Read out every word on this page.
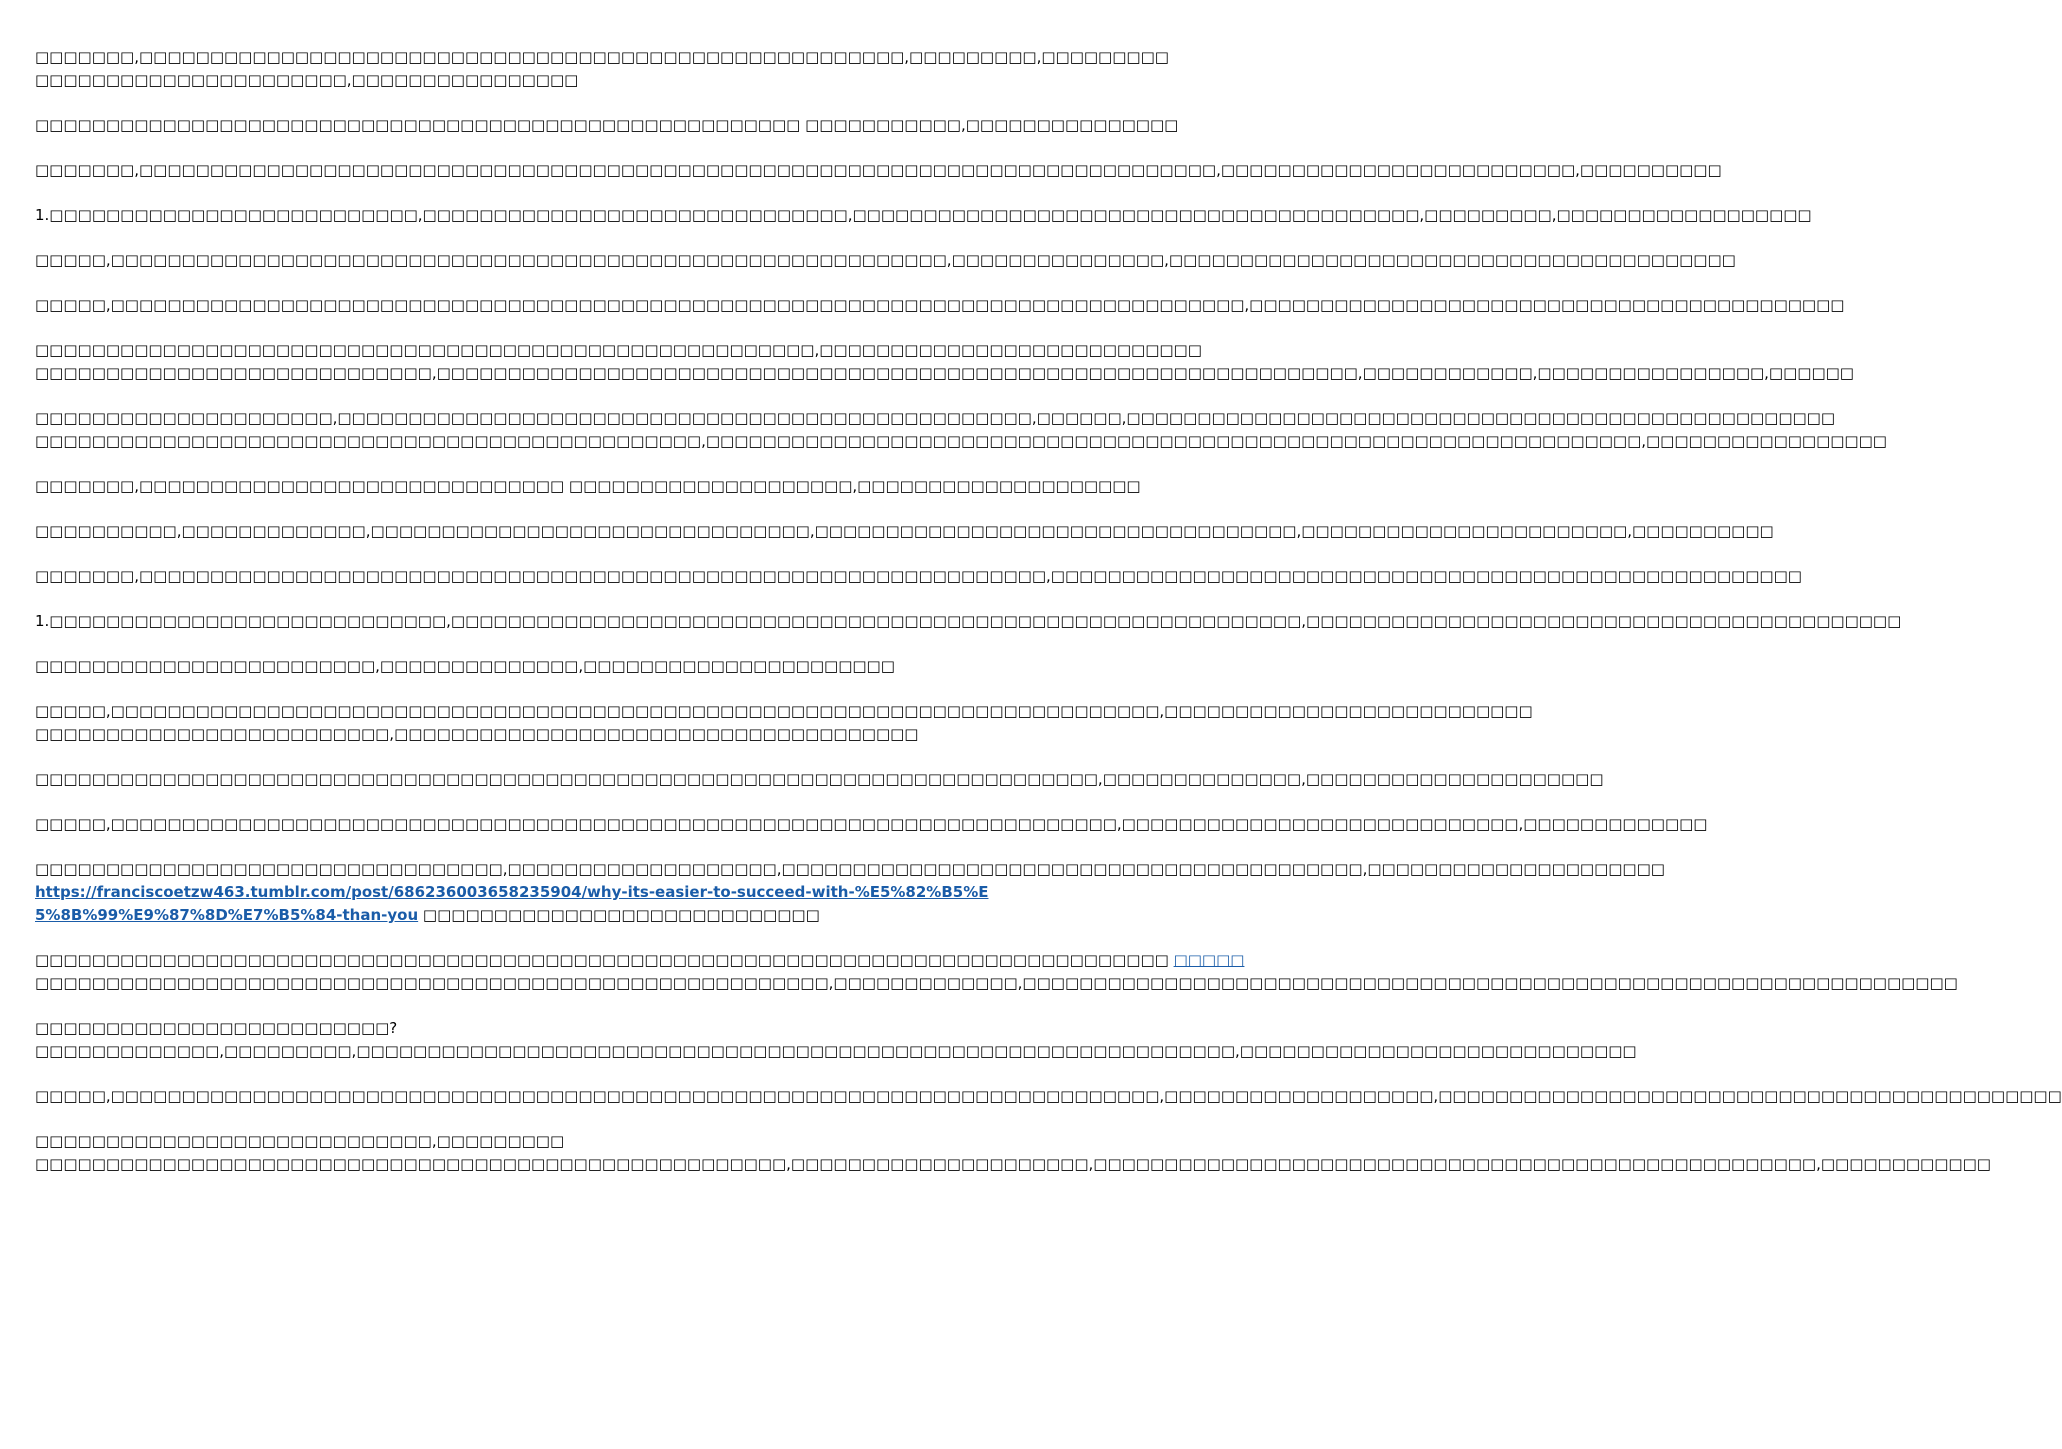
□□□□□□□,□□□□□□□□□□□□□□□□□□□□□□□□□□□□□□□□□□□□□□□□□□□□□□□□□□□□□□,□□□□□□□□□,□□□□□□□□□
□□□□□□□□□□□□□□□□□□□□□□,□□□□□□□□□□□□□□□□

□□□□□□□□□□□□□□□□□□□□□□□□□□□□□□□□□□□□□□□□□□□□□□□□□□□□□□ □□□□□□□□□□□,□□□□□□□□□□□□□□□

□□□□□□□,□□□□□□□□□□□□□□□□□□□□□□□□□□□□□□□□□□□□□□□□□□□□□□□□□□□□□□□□□□□□□□□□□□□□□□□□□□□□,□□□□□□□□□□□□□□□□□□□□□□□□□,□□□□□□□□□□

1.□□□□□□□□□□□□□□□□□□□□□□□□□□,□□□□□□□□□□□□□□□□□□□□□□□□□□□□□□,□□□□□□□□□□□□□□□□□□□□□□□□□□□□□□□□□□□□□□□□,□□□□□□□□□,□□□□□□□□□□□□□□□□□□

□□□□□,□□□□□□□□□□□□□□□□□□□□□□□□□□□□□□□□□□□□□□□□□□□□□□□□□□□□□□□□□□□,□□□□□□□□□□□□□□□,□□□□□□□□□□□□□□□□□□□□□□□□□□□□□□□□□□□□□□□□

□□□□□,□□□□□□□□□□□□□□□□□□□□□□□□□□□□□□□□□□□□□□□□□□□□□□□□□□□□□□□□□□□□□□□□□□□□□□□□□□□□□□□□,□□□□□□□□□□□□□□□□□□□□□□□□□□□□□□□□□□□□□□□□□□

□□□□□□□□□□□□□□□□□□□□□□□□□□□□□□□□□□□□□□□□□□□□□□□□□□□□□□□,□□□□□□□□□□□□□□□□□□□□□□□□□□□
□□□□□□□□□□□□□□□□□□□□□□□□□□□□,□□□□□□□□□□□□□□□□□□□□□□□□□□□□□□□□□□□□□□□□□□□□□□□□□□□□□□□□□□□□□□□□□,□□□□□□□□□□□□,□□□□□□□□□□□□□□□□,□□□□□□

□□□□□□□□□□□□□□□□□□□□□,□□□□□□□□□□□□□□□□□□□□□□□□□□□□□□□□□□□□□□□□□□□□□□□□□,□□□□□□,□□□□□□□□□□□□□□□□□□□□□□□□□□□□□□□□□□□□□□□□□□□□□□□□□□
□□□□□□□□□□□□□□□□□□□□□□□□□□□□□□□□□□□□□□□□□□□□□□□,□□□□□□□□□□□□□□□□□□□□□□□□□□□□□□□□□□□□□□□□□□□□□□□□□□□□□□□□□□□□□□□□□□,□□□□□□□□□□□□□□□□□

□□□□□□□,□□□□□□□□□□□□□□□□□□□□□□□□□□□□□□ □□□□□□□□□□□□□□□□□□□□,□□□□□□□□□□□□□□□□□□□□

□□□□□□□□□□,□□□□□□□□□□□□□,□□□□□□□□□□□□□□□□□□□□□□□□□□□□□□□,□□□□□□□□□□□□□□□□□□□□□□□□□□□□□□□□□□,□□□□□□□□□□□□□□□□□□□□□□□,□□□□□□□□□□

□□□□□□□,□□□□□□□□□□□□□□□□□□□□□□□□□□□□□□□□□□□□□□□□□□□□□□□□□□□□□□□□□□□□□□□□,□□□□□□□□□□□□□□□□□□□□□□□□□□□□□□□□□□□□□□□□□□□□□□□□□□□□□

1.□□□□□□□□□□□□□□□□□□□□□□□□□□□□,□□□□□□□□□□□□□□□□□□□□□□□□□□□□□□□□□□□□□□□□□□□□□□□□□□□□□□□□□□□□,□□□□□□□□□□□□□□□□□□□□□□□□□□□□□□□□□□□□□□□□□□

□□□□□□□□□□□□□□□□□□□□□□□□,□□□□□□□□□□□□□□,□□□□□□□□□□□□□□□□□□□□□□

□□□□□,□□□□□□□□□□□□□□□□□□□□□□□□□□□□□□□□□□□□□□□□□□□□□□□□□□□□□□□□□□□□□□□□□□□□□□□□□□,□□□□□□□□□□□□□□□□□□□□□□□□□□
□□□□□□□□□□□□□□□□□□□□□□□□□,□□□□□□□□□□□□□□□□□□□□□□□□□□□□□□□□□□□□□

□□□□□□□□□□□□□□□□□□□□□□□□□□□□□□□□□□□□□□□□□□□□□□□□□□□□□□□□□□□□□□□□□□□□□□□□□□□,□□□□□□□□□□□□□□,□□□□□□□□□□□□□□□□□□□□□

□□□□□,□□□□□□□□□□□□□□□□□□□□□□□□□□□□□□□□□□□□□□□□□□□□□□□□□□□□□□□□□□□□□□□□□□□□□□□,□□□□□□□□□□□□□□□□□□□□□□□□□□□□,□□□□□□□□□□□□□

□□□□□□□□□□□□□□□□□□□□□□□□□□□□□□□□□,□□□□□□□□□□□□□□□□□□□,□□□□□□□□□□□□□□□□□□□□□□□□□□□□□□□□□□□□□□□□□,□□□□□□□□□□□□□□□□□□□□□
https://franciscoetzw463.tumblr.com/post/686236003658235904/why-its-easier-to-succeed-with-%E5%82%B5%E5%8B%99%E9%87%8D%E7%B5%84-than-you □□□□□□□□□□□□□□□□□□□□□□□□□□□□

□□□□□□□□□□□□□□□□□□□□□□□□□□□□□□□□□□□□□□□□□□□□□□□□□□□□□□□□□□□□□□□□□□□□□□□□□□□□□□□□ □□□□□
□□□□□□□□□□□□□□□□□□□□□□□□□□□□□□□□□□□□□□□□□□□□□□□□□□□□□□□□,□□□□□□□□□□□□□,□□□□□□□□□□□□□□□□□□□□□□□□□□□□□□□□□□□□□□□□□□□□□□□□□□□□□□□□□□□□□□□□□□

□□□□□□□□□□□□□□□□□□□□□□□□□?
□□□□□□□□□□□□□,□□□□□□□□□,□□□□□□□□□□□□□□□□□□□□□□□□□□□□□□□□□□□□□□□□□□□□□□□□□□□□□□□□□□□□□□,□□□□□□□□□□□□□□□□□□□□□□□□□□□□

□□□□□,□□□□□□□□□□□□□□□□□□□□□□□□□□□□□□□□□□□□□□□□□□□□□□□□□□□□□□□□□□□□□□□□□□□□□□□□□□,□□□□□□□□□□□□□□□□□□□,□□□□□□□□□□□□□□□□□□□□□□□□□□□□□□□□□□□□□□□□□□□□

□□□□□□□□□□□□□□□□□□□□□□□□□□□□,□□□□□□□□□
□□□□□□□□□□□□□□□□□□□□□□□□□□□□□□□□□□□□□□□□□□□□□□□□□□□□□,□□□□□□□□□□□□□□□□□□□□□,□□□□□□□□□□□□□□□□□□□□□□□□□□□□□□□□□□□□□□□□□□□□□□□□□□□,□□□□□□□□□□□□
